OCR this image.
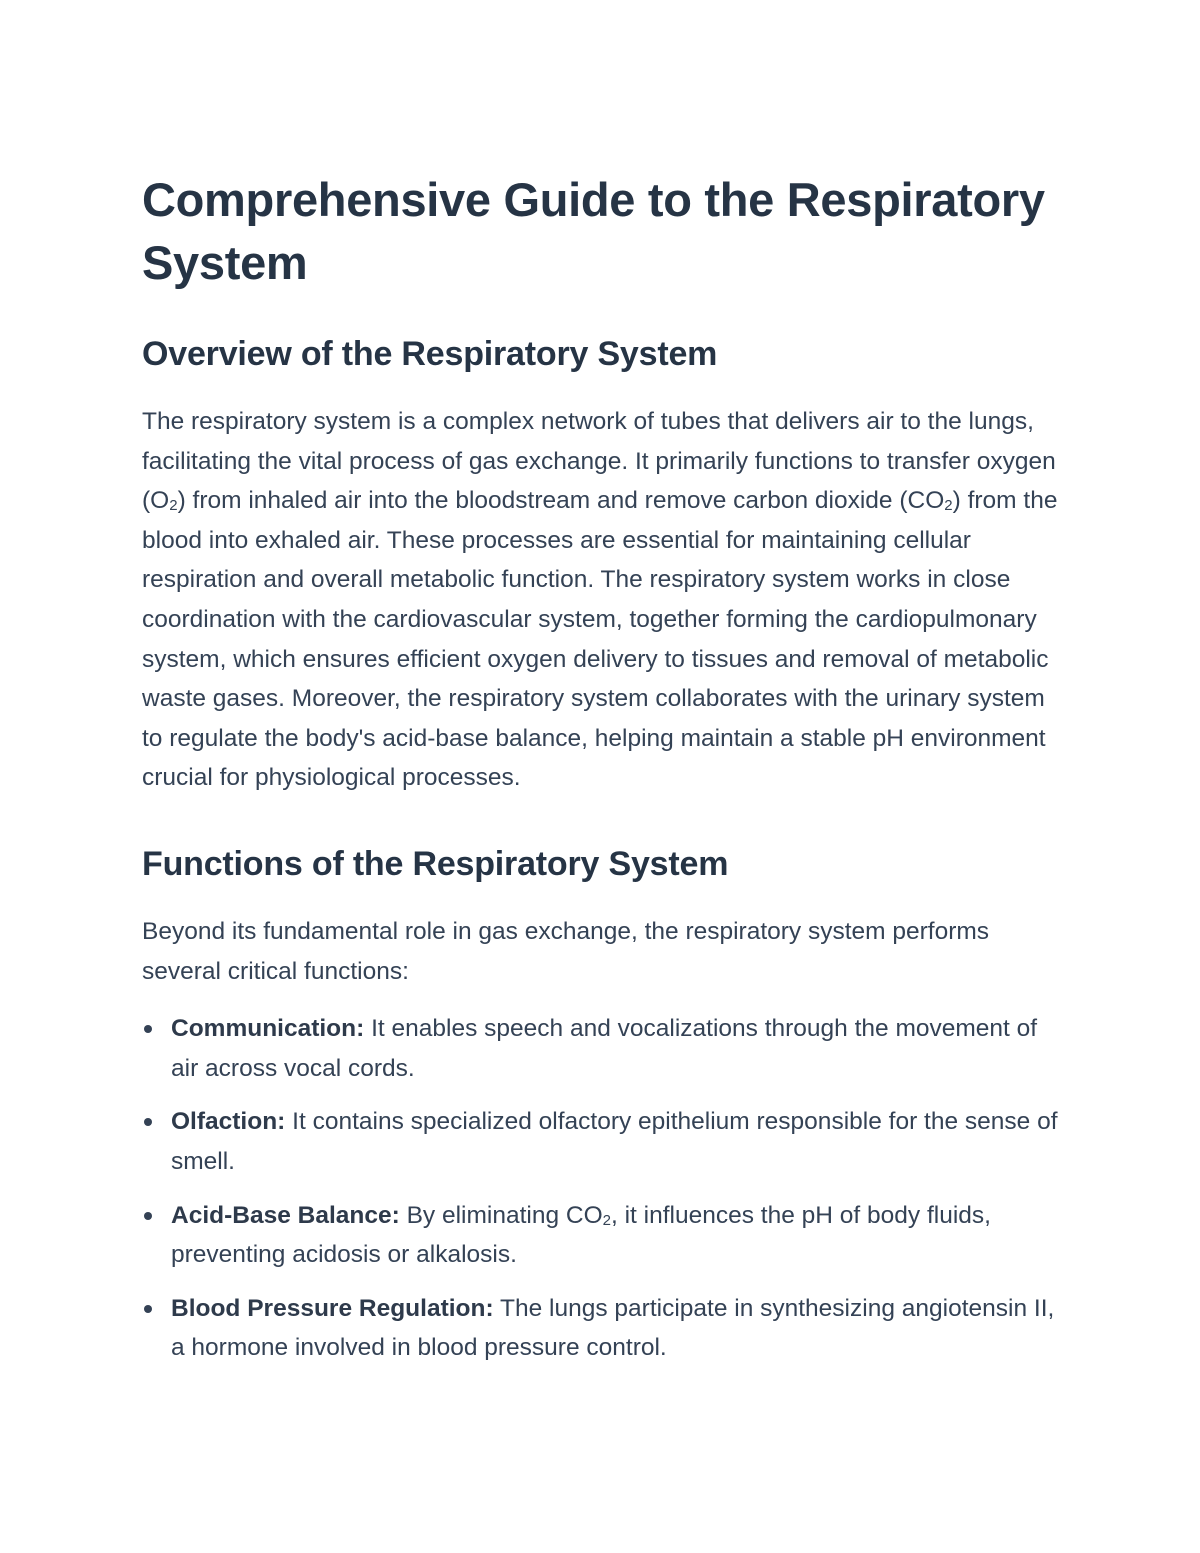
Comprehensive Guide to the Respiratory System
Overview of the Respiratory System

The respiratory system is a complex network of tubes that delivers air to the lungs, facilitating the vital process of gas exchange. It primarily functions to transfer oxygen $(O_2)$ from inhaled air into the bloodstream and remove carbon dioxide $(CO_2)$ from the blood into exhaled air. These processes are essential for maintaining cellular respiration and overall metabolic function. The respiratory system works in close coordination with the cardiovascular system, together forming the cardiopulmonary system, which ensures efficient oxygen delivery to tissues and removal of metabolic waste gases. Moreover, the respiratory system collaborates with the urinary system to regulate the body's acid-base balance, helping maintain a stable pH environment crucial for physiological processes.

Functions of the Respiratory System

Beyond its fundamental role in gas exchange, the respiratory system performs several critical functions:

Communication: It enables speech and vocalizations through the movement of air across vocal cords.
Olfaction: It contains specialized olfactory epithelium responsible for the sense of smell.
Acid-Base Balance: By eliminating $CO_2$, it influences the pH of body fluids, preventing acidosis or alkalosis.
Blood Pressure Regulation: The lungs participate in synthesizing angiotensin II, a hormone involved in blood pressure control.
